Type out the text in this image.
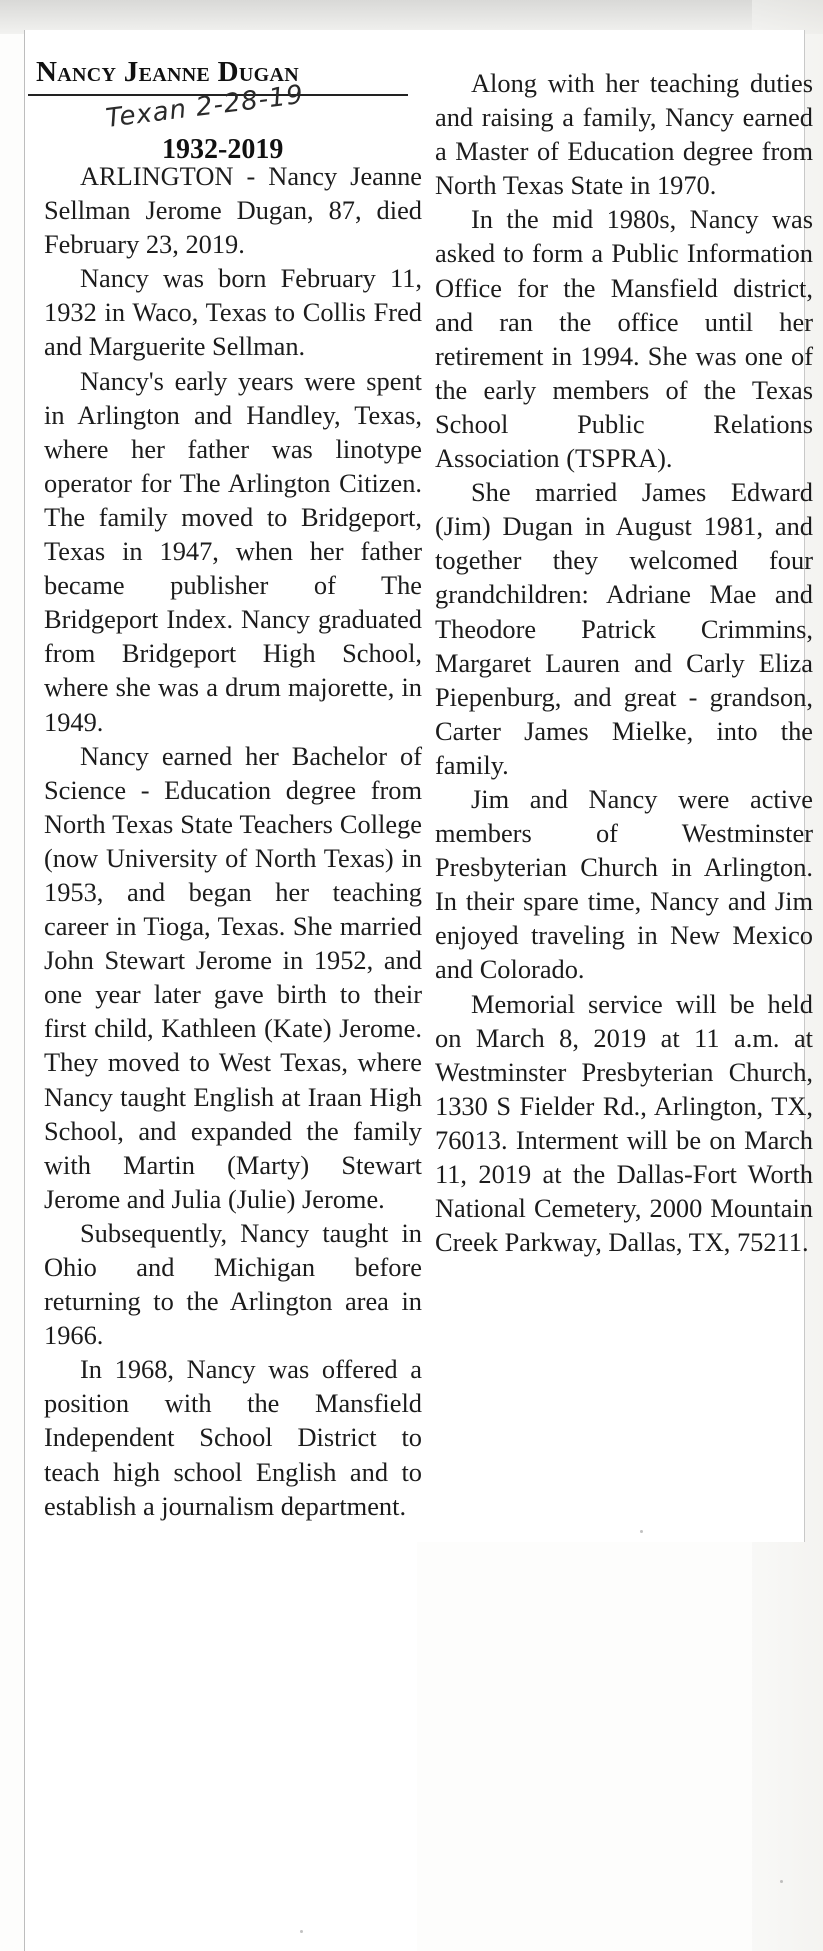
Nancy Jeanne Dugan
Texan 2-28-19
1932-2019

ARLINGTON - Nancy Jeanne Sellman Jerome Dugan, 87, died February 23, 2019.

Nancy was born February 11, 1932 in Waco, Texas to Collis Fred and Marguerite Sellman.

Nancy's early years were spent in Arlington and Handley, Texas, where her father was linotype operator for The Arlington Citizen. The family moved to Bridgeport, Texas in 1947, when her father became publisher of The Bridgeport Index. Nancy graduated from Bridgeport High School, where she was a drum majorette, in 1949.

Nancy earned her Bachelor of Science - Education degree from North Texas State Teachers College (now University of North Texas) in 1953, and began her teaching career in Tioga, Texas. She married John Stewart Jerome in 1952, and one year later gave birth to their first child, Kathleen (Kate) Jerome. They moved to West Texas, where Nancy taught English at Iraan High School, and expanded the family with Martin (Marty) Stewart Jerome and Julia (Julie) Jerome.

Subsequently, Nancy taught in Ohio and Michigan before returning to the Arlington area in 1966.

In 1968, Nancy was offered a position with the Mansfield Independent School District to teach high school English and to establish a journalism department.

Along with her teaching duties and raising a family, Nancy earned a Master of Education degree from North Texas State in 1970.

In the mid 1980s, Nancy was asked to form a Public Information Office for the Mansfield district, and ran the office until her retirement in 1994. She was one of the early members of the Texas School Public Relations Association (TSPRA).

She married James Edward (Jim) Dugan in August 1981, and together they welcomed four grandchildren: Adriane Mae and Theodore Patrick Crimmins, Margaret Lauren and Carly Eliza Piepenburg, and great - grandson, Carter James Mielke, into the family.

Jim and Nancy were active members of Westminster Presbyterian Church in Arlington. In their spare time, Nancy and Jim enjoyed traveling in New Mexico and Colorado.

Memorial service will be held on March 8, 2019 at 11 a.m. at Westminster Presbyterian Church, 1330 S Fielder Rd., Arlington, TX, 76013. Interment will be on March 11, 2019 at the Dallas-Fort Worth National Cemetery, 2000 Mountain Creek Parkway, Dallas, TX, 75211.
